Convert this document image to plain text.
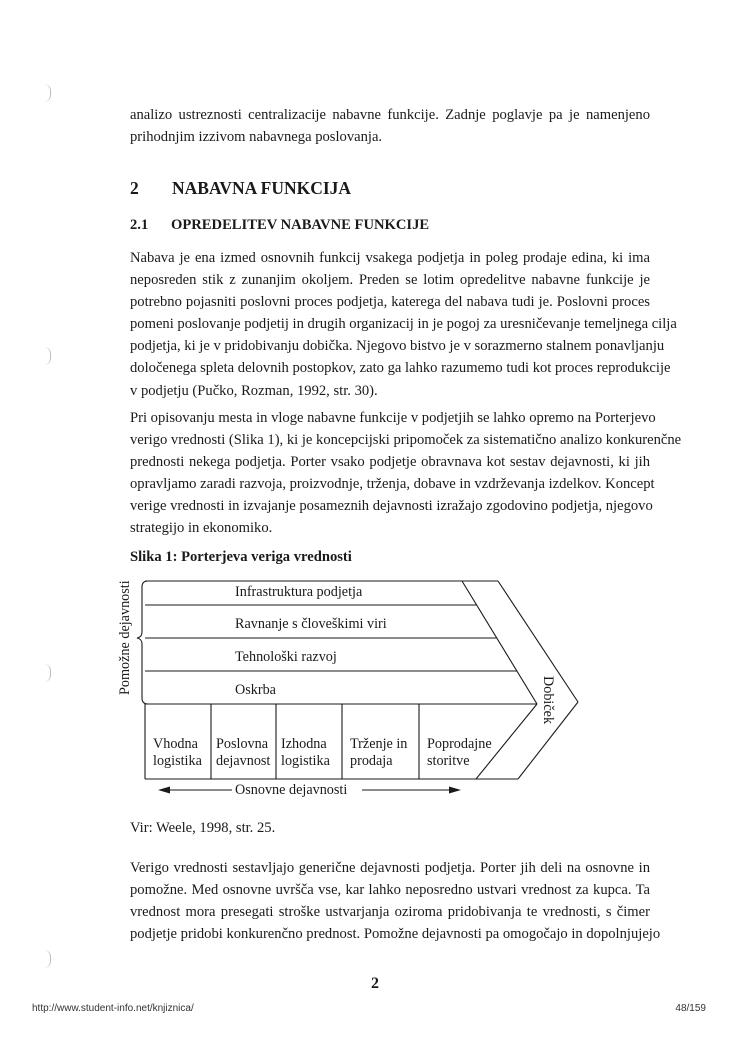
analizo ustreznosti centralizacije nabavne funkcije. Zadnje poglavje pa je namenjeno
prihodnjim izzivom nabavnega poslovanja.

2 NABAVNA FUNKCIJA
2.1 OPREDELITEV NABAVNE FUNKCIJE

Nabava je ena izmed osnovnih funkcij vsakega podjetja in poleg prodaje edina, ki ima
neposreden stik z zunanjim okoljem. Preden se lotim opredelitve nabavne funkcije je
potrebno pojasniti poslovni proces podjetja, katerega del nabava tudi je. Poslovni proces
pomeni poslovanje podjetij in drugih organizacij in je pogoj za uresničevanje temeljnega cilja
podjetja, ki je v pridobivanju dobička. Njegovo bistvo je v sorazmerno stalnem ponavljanju
določenega spleta delovnih postopkov, zato ga lahko razumemo tudi kot proces reprodukcije
v podjetju (Pučko, Rozman, 1992, str. 30).

Pri opisovanju mesta in vloge nabavne funkcije v podjetjih se lahko opremo na Porterjevo
verigo vrednosti (Slika 1), ki je koncepcijski pripomoček za sistematično analizo konkurenčne
prednosti nekega podjetja. Porter vsako podjetje obravnava kot sestav dejavnosti, ki jih
opravljamo zaradi razvoja, proizvodnje, trženja, dobave in vzdrževanja izdelkov. Koncept
verige vrednosti in izvajanje posameznih dejavnosti izražajo zgodovino podjetja, njegovo
strategijo in ekonomiko.

Slika 1: Porterjeva veriga vrednosti
Pomožne dejavnosti	Infrastruktura podjetja
Ravnanje s človeškimi viri
Tehnološki razvoj
Oskrba
Vhodna
logistika
Poslovna
dejavnost
Izhodna
logistika
Trženje in
prodaja
Poprodajne
storitve
Dobiček
Osnovne dejavnosti
Vir: Weele, 1998, str. 25.

Verigo vrednosti sestavljajo generične dejavnosti podjetja. Porter jih deli na osnovne in
pomožne. Med osnovne uvršča vse, kar lahko neposredno ustvari vrednost za kupca. Ta
vrednost mora presegati stroške ustvarjanja oziroma pridobivanja te vrednosti, s čimer
podjetje pridobi konkurenčno prednost. Pomožne dejavnosti pa omogočajo in dopolnjujejo

2
http://www.student-info.net/knjiznica/	48/159
